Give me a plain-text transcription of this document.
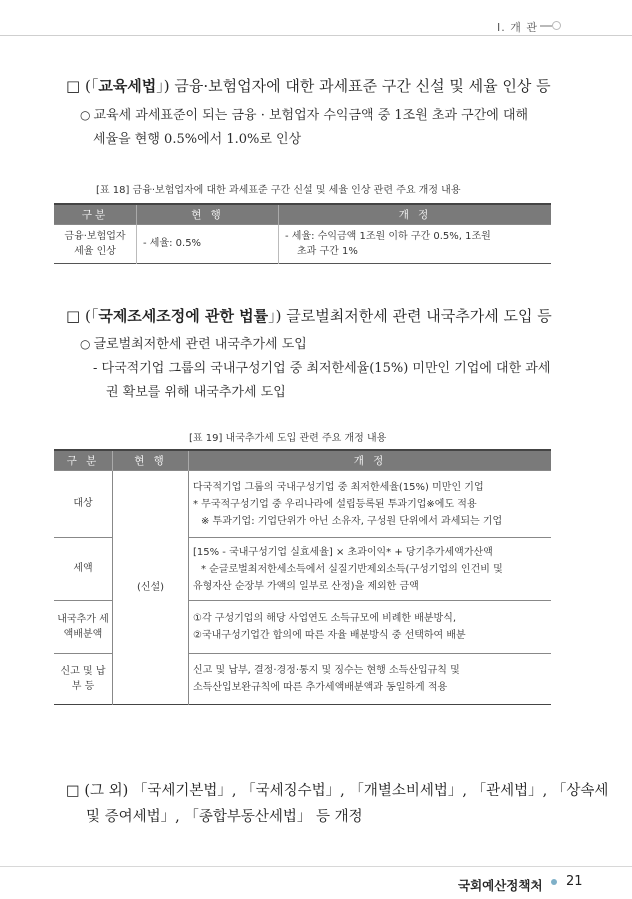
Ⅰ. 개 관
□ (「교육세법」) 금융·보험업자에 대한 과세표준 구간 신설 및 세율 인상 등
○ 교육세 과세표준이 되는 금융 · 보험업자 수익금액 중 1조원 초과 구간에 대해
세율을 현행 0.5%에서 1.0%로 인상
[표 18] 금융·보험업자에 대한 과세표준 구간 신설 및 세율 인상 관련 주요 개정 내용
구분	현 행	개 정
금융·보험업자 세율 인상	- 세율: 0.5%	- 세율: 수익금액 1조원 이하 구간 0.5%, 1조원
초과 구간 1%
□ (「국제조세조정에 관한 법률」) 글로벌최저한세 관련 내국추가세 도입 등
○ 글로벌최저한세 관련 내국추가세 도입
- 다국적기업 그룹의 국내구성기업 중 최저한세율(15%) 미만인 기업에 대한 과세
권 확보를 위해 내국추가세 도입
[표 19] 내국추가세 도입 관련 주요 개정 내용
구 분	현 행	개 정
대상	(신설)	다국적기업 그룹의 국내구성기업 중 최저한세율(15%) 미만인 기업
* 무국적구성기업 중 우리나라에 설립등록된 투과기업※에도 적용
※ 투과기업: 기업단위가 아닌 소유자, 구성원 단위에서 과세되는 기업

세액		[15% - 국내구성기업 실효세율] × 초과이익* + 당기추가세액가산액
* 순글로벌최저한세소득에서 실질기반제외소득(구성기업의 인건비 및
유형자산 순장부 가액의 일부로 산정)을 제외한 금액

내국추가 세액배분액		①각 구성기업의 해당 사업연도 소득규모에 비례한 배분방식,
②국내구성기업간 합의에 따른 자율 배분방식 중 선택하여 배분

신고 및 납부 등		신고 및 납부, 결정·경정·통지 및 징수는 현행 소득산입규칙 및
소득산입보완규칙에 따른 추가세액배분액과 동일하게 적용
□ (그 외) 「국세기본법」, 「국세징수법」, 「개별소비세법」, 「관세법」, 「상속세
및 증여세법」, 「종합부동산세법」 등 개정
국회예산정책처 21
